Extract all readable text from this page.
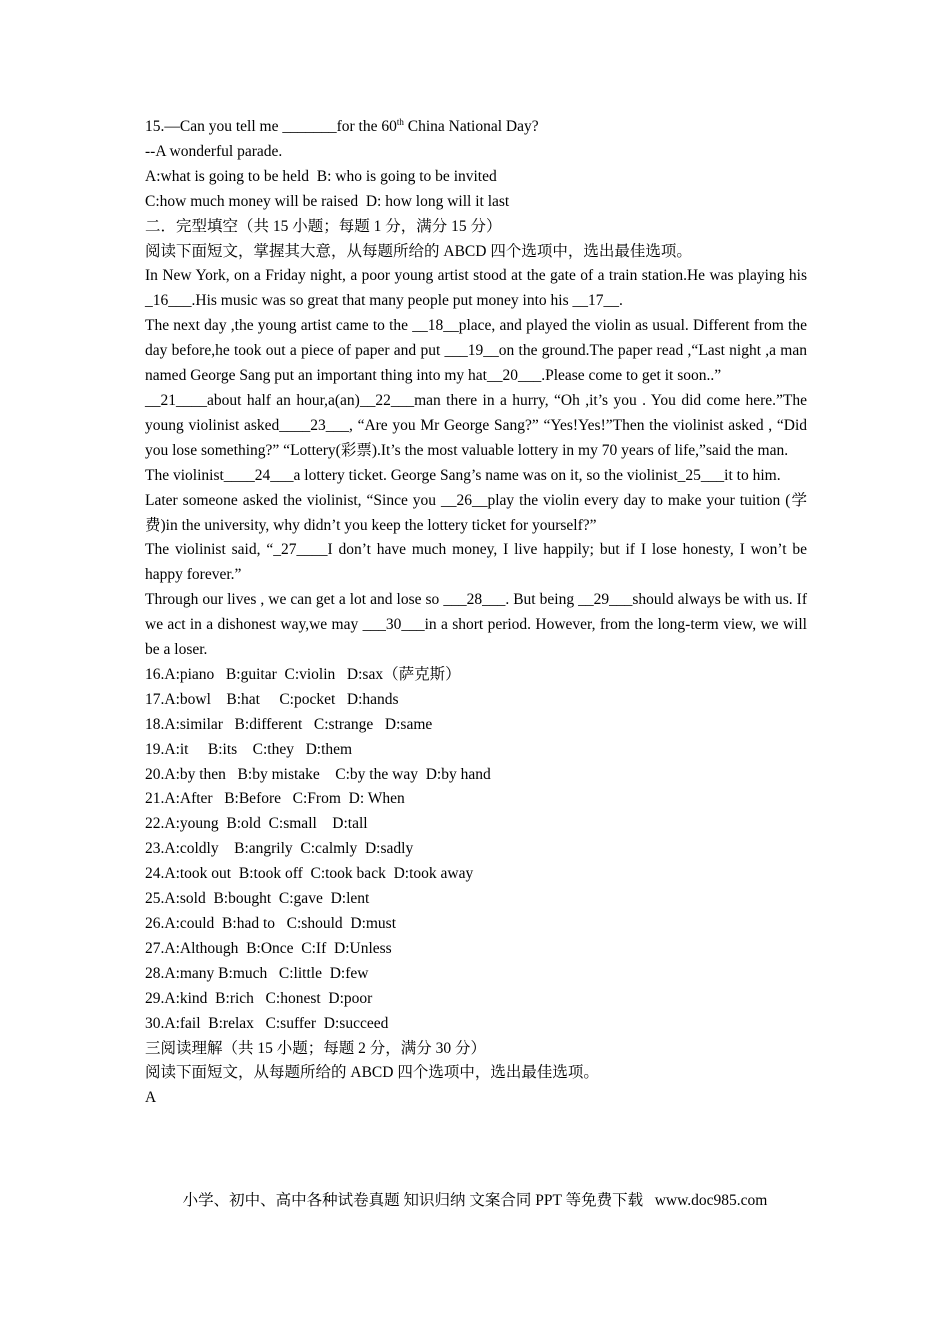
15.—Can you tell me _______for the 60th China National Day?

--A wonderful parade.

A:what is going to be held  B: who is going to be invited

C:how much money will be raised  D: how long will it last

二．完型填空（共 15 小题；每题 1 分，满分 15 分）

阅读下面短文，掌握其大意，从每题所给的 ABCD 四个选项中，选出最佳选项。

In New York, on a Friday night, a poor young artist stood at the gate of a train station.He was playing his _16___.His music was so great that many people put money into his __17__.

The next day ,the young artist came to the __18__place, and played the violin as usual. Different from the day before,he took out a piece of paper and put ___19__on the ground.The paper read ,“Last night ,a man named George Sang put an important thing into my hat__20___.Please come to get it soon..”

__21____about half an hour,a(an)__22___man there in a hurry, “Oh ,it’s you . You did come here.”The young violinist asked____23___, “Are you Mr George Sang?” “Yes!Yes!”Then the violinist asked , “Did you lose something?” “Lottery(彩票).It’s the most valuable lottery in my 70 years of life,”said the man.

The violinist____24___a lottery ticket. George Sang’s name was on it, so the violinist_25___it to him.

Later someone asked the violinist, “Since you __26__play the violin every day to make your tuition (学费)in the university, why didn’t you keep the lottery ticket for yourself?”

The violinist said, “_27____I don’t have much money, I live happily; but if I lose honesty, I won’t be happy forever.”

Through our lives , we can get a lot and lose so ___28___. But being __29___should always be with us. If we act in a dishonest way,we may ___30___in a short period. However, from the long-term view, we will be a loser.

16.A:piano   B:guitar  C:violin   D:sax（萨克斯）

17.A:bowl    B:hat     C:pocket   D:hands

18.A:similar   B:different   C:strange   D:same

19.A:it     B:its    C:they   D:them

20.A:by then   B:by mistake    C:by the way  D:by hand

21.A:After   B:Before   C:From  D: When

22.A:young  B:old  C:small    D:tall

23.A:coldly    B:angrily  C:calmly  D:sadly

24.A:took out  B:took off  C:took back  D:took away

25.A:sold  B:bought  C:gave  D:lent

26.A:could  B:had to   C:should  D:must

27.A:Although  B:Once  C:If  D:Unless

28.A:many B:much   C:little  D:few

29.A:kind  B:rich   C:honest  D:poor

30.A:fail  B:relax   C:suffer  D:succeed

三阅读理解（共 15 小题；每题 2 分，满分 30 分）

阅读下面短文，从每题所给的 ABCD 四个选项中，选出最佳选项。

A

小学、初中、高中各种试卷真题 知识归纳 文案合同 PPT 等免费下载   www.doc985.com
